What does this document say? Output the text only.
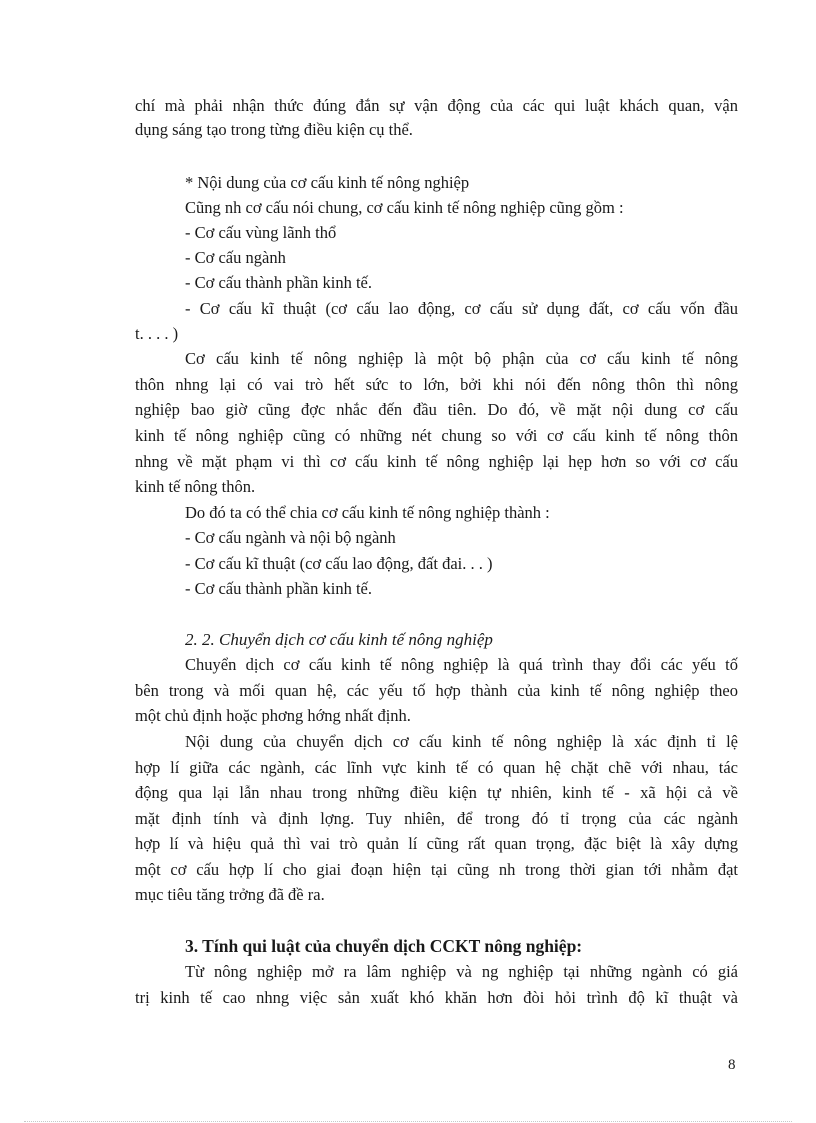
chí mà phải nhận thức đúng đắn sự vận động của các qui luật khách quan, vận
dụng sáng tạo trong từng điều kiện cụ thể.
* Nội dung của cơ cấu kinh tế nông nghiệp
Cũng nh cơ cấu nói chung, cơ cấu kinh tế nông nghiệp cũng gồm :
- Cơ cấu vùng lãnh thổ
- Cơ cấu ngành
- Cơ cấu thành phần kinh tế.
- Cơ cấu kĩ thuật (cơ cấu lao động, cơ cấu sử dụng đất, cơ cấu vốn đầu
t. . . . )
Cơ cấu kinh tế nông nghiệp là một bộ phận của cơ cấu kinh tế nông
thôn nhng lại có vai trò hết sức to lớn, bởi khi nói đến nông thôn thì nông
nghiệp bao giờ cũng đợc nhắc đến đầu tiên. Do đó, về mặt nội dung cơ cấu
kinh tế nông nghiệp cũng có những nét chung so với cơ cấu kinh tế nông thôn
nhng về mặt phạm vi thì cơ cấu kinh tế nông nghiệp lại hẹp hơn so với cơ cấu
kinh tế nông thôn.
Do đó ta có thể chia cơ cấu kinh tế nông nghiệp thành :
- Cơ cấu ngành và nội bộ ngành
- Cơ cấu kĩ thuật (cơ cấu lao động, đất đai. . . )
- Cơ cấu thành phần kinh tế.
2. 2. Chuyển dịch cơ cấu kinh tế nông nghiệp
Chuyển dịch cơ cấu kinh tế nông nghiệp là quá trình thay đổi các yếu tố
bên trong và mối quan hệ, các yếu tố hợp thành của kinh tế nông nghiệp theo
một chủ định hoặc phơng hớng nhất định.
Nội dung của chuyển dịch cơ cấu kinh tế nông nghiệp là xác định tỉ lệ
hợp lí giữa các ngành, các lĩnh vực kinh tế có quan hệ chặt chẽ với nhau, tác
động qua lại lẫn nhau trong những điều kiện tự nhiên, kinh tế - xã hội cả về
mặt định tính và định lợng. Tuy nhiên, để trong đó tỉ trọng của các ngành
hợp lí và hiệu quả thì vai trò quản lí cũng rất quan trọng, đặc biệt là xây dựng
một cơ cấu hợp lí cho giai đoạn hiện tại cũng nh trong thời gian tới nhằm đạt
mục tiêu tăng trởng đã đề ra.
3. Tính qui luật của chuyển dịch CCKT nông nghiệp:
Từ nông nghiệp mở ra lâm nghiệp và ng nghiệp tại những ngành có giá
trị kinh tế cao nhng việc sản xuất khó khăn hơn đòi hỏi trình độ kĩ thuật và
8
